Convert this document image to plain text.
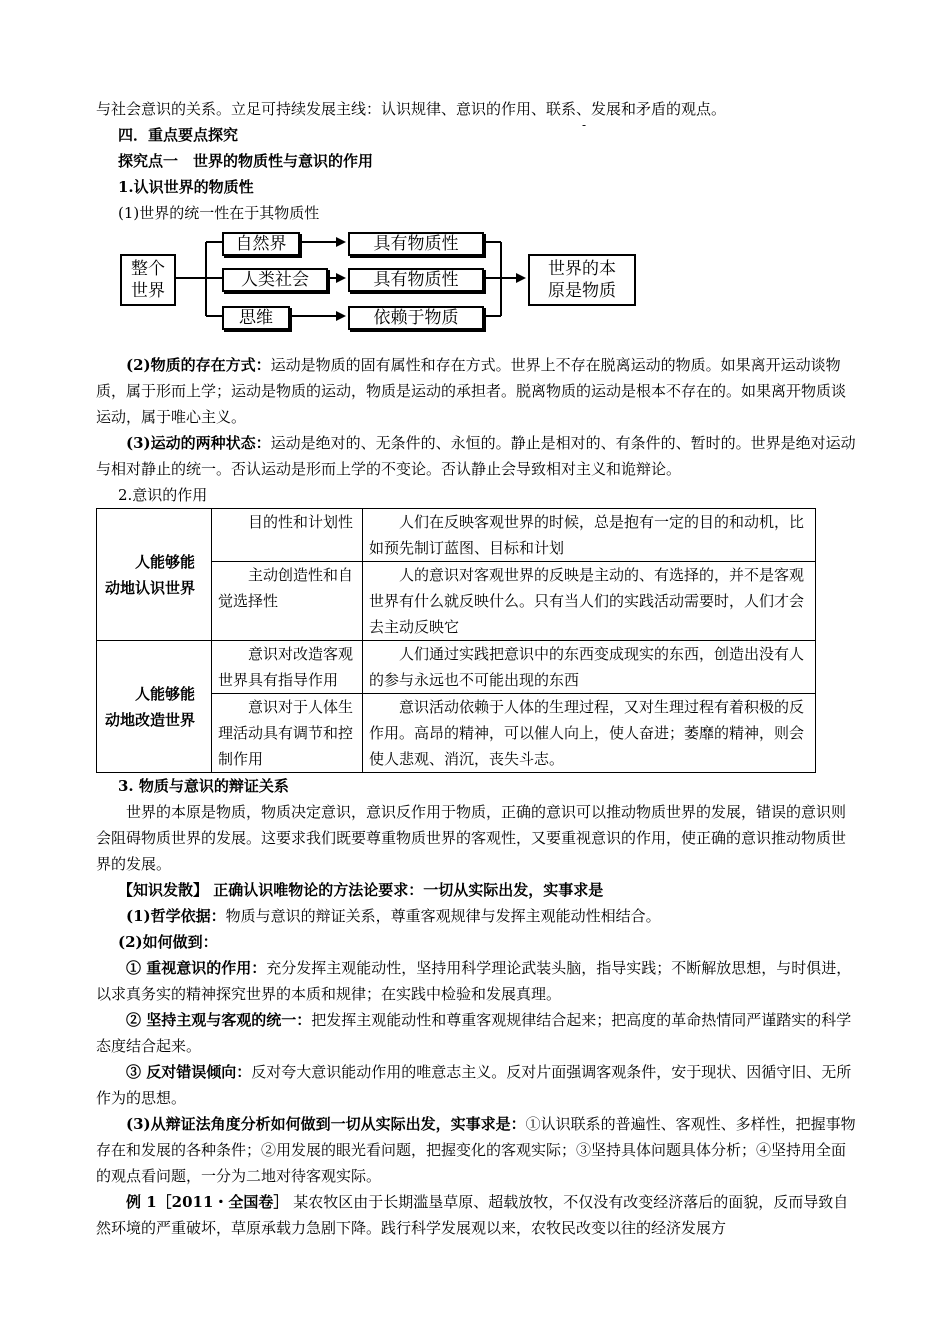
-

与社会意识的关系。立足可持续发展主线：认识规律、意识的作用、联系、发展和矛盾的观点。

四．重点要点探究

探究点一　世界的物质性与意识的作用

1.认识世界的物质性

(1)世界的统一性在于其物质性

整个
世界
自然界
人类社会
思维
具有物质性
具有物质性
依赖于物质
世界的本
原是物质

(2)物质的存在方式：运动是物质的固有属性和存在方式。世界上不存在脱离运动的物质。如果离开运动谈物质，属于形而上学；运动是物质的运动，物质是运动的承担者。脱离物质的运动是根本不存在的。如果离开物质谈运动，属于唯心主义。

(3)运动的两种状态：运动是绝对的、无条件的、永恒的。静止是相对的、有条件的、暂时的。世界是绝对运动与相对静止的统一。否认运动是形而上学的不变论。否认静止会导致相对主义和诡辩论。

2.意识的作用

人能够能动地认识世界	目的性和计划性	人们在反映客观世界的时候，总是抱有一定的目的和动机，比如预先制订蓝图、目标和计划
	主动创造性和自觉选择性	人的意识对客观世界的反映是主动的、有选择的，并不是客观世界有什么就反映什么。只有当人们的实践活动需要时，人们才会去主动反映它

人能够能动地改造世界	意识对改造客观世界具有指导作用	人们通过实践把意识中的东西变成现实的东西，创造出没有人的参与永远也不可能出现的东西
	意识对于人体生理活动具有调节和控制作用	意识活动依赖于人体的生理过程，又对生理过程有着积极的反作用。高昂的精神，可以催人向上，使人奋进；萎靡的精神，则会使人悲观、消沉，丧失斗志。

3. 物质与意识的辩证关系

世界的本原是物质，物质决定意识，意识反作用于物质，正确的意识可以推动物质世界的发展，错误的意识则会阻碍物质世界的发展。这要求我们既要尊重物质世界的客观性，又要重视意识的作用，使正确的意识推动物质世界的发展。

【知识发散】 正确认识唯物论的方法论要求：一切从实际出发，实事求是

(1)哲学依据：物质与意识的辩证关系，尊重客观规律与发挥主观能动性相结合。

(2)如何做到：

① 重视意识的作用：充分发挥主观能动性，坚持用科学理论武装头脑，指导实践；不断解放思想，与时俱进，以求真务实的精神探究世界的本质和规律；在实践中检验和发展真理。

② 坚持主观与客观的统一：把发挥主观能动性和尊重客观规律结合起来；把高度的革命热情同严谨踏实的科学态度结合起来。

③ 反对错误倾向：反对夸大意识能动作用的唯意志主义。反对片面强调客观条件，安于现状、因循守旧、无所作为的思想。

(3)从辩证法角度分析如何做到一切从实际出发，实事求是：①认识联系的普遍性、客观性、多样性，把握事物存在和发展的各种条件；②用发展的眼光看问题，把握变化的客观实际；③坚持具体问题具体分析；④坚持用全面的观点看问题，一分为二地对待客观实际。

例 1［2011・全国卷］ 某农牧区由于长期滥垦草原、超载放牧，不仅没有改变经济落后的面貌，反而导致自然环境的严重破坏，草原承载力急剧下降。践行科学发展观以来，农牧民改变以往的经济发展方
